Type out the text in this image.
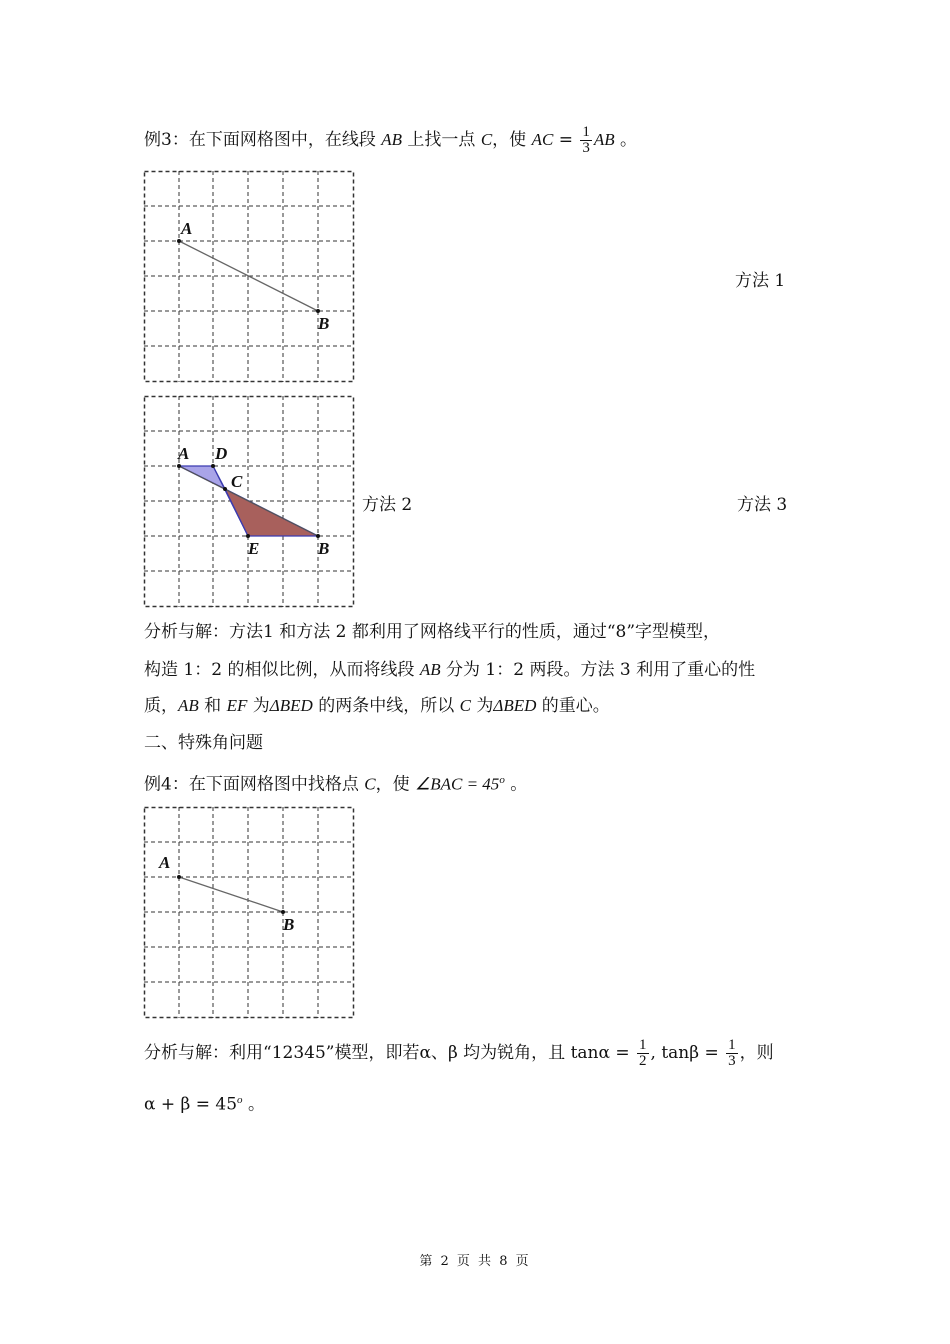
例3：在下面网格图中，在线段 AB 上找一点 C，使 AC = $\frac{1}{3}$ AB 。
A
B
方法 1
A D
C
E	B
方法 2	方法 3
分析与解：方法1 和方法 2 都利用了网格线平行的性质，通过“8”字型模型，
构造 1：2 的相似比例，从而将线段 AB 分为 1：2 两段。方法 3 利用了重心的性
质，AB 和 EF 为ΔBED 的两条中线，所以 C 为ΔBED 的重心。
二、特殊角问题
例4：在下面网格图中找格点 C，使 ∠BAC = $45^o$ 。
A
B
分析与解：利用“12345”模型，即若α、β 均为锐角，且 $\tan\alpha = \frac{1}{2}$ , $\tan\beta = \frac{1}{3}$ ，则
$\alpha + \beta = 45^o$ 。
第 2 页 共 8 页
